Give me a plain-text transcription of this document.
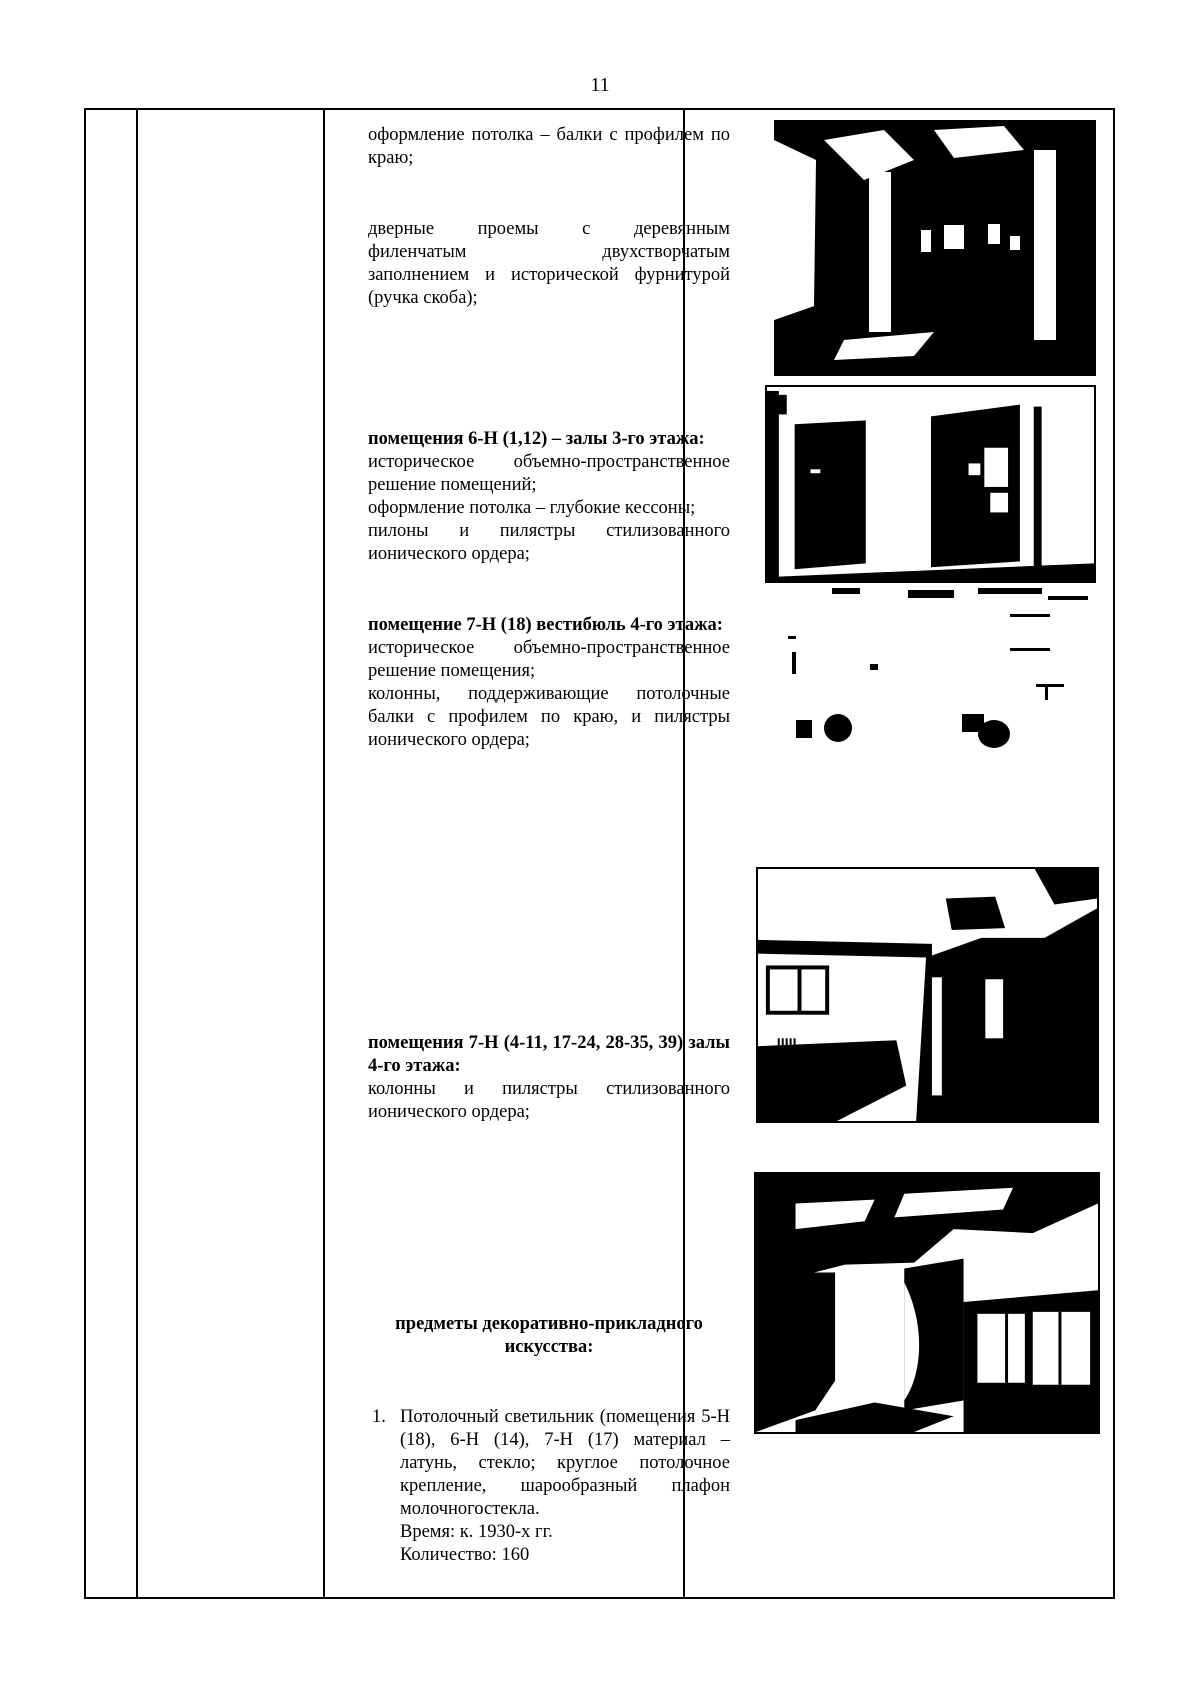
11
оформление потолка – балки с профилем по краю;
дверные проемы с деревянным
филенчатым двухстворчатым
заполнением и исторической фурнитурой (ручка скоба);
помещения 6-Н (1,12) – залы 3-го этажа:
историческое объемно-пространственное решение помещений;
оформление потолка – глубокие кессоны;
пилоны и пилястры стилизованного ионического ордера;
помещение 7-Н (18) вестибюль 4-го этажа:
историческое объемно-пространственное решение помещения;
колонны, поддерживающие потолочные балки с профилем по краю, и пилястры ионического ордера;
помещения 7-Н (4-11, 17-24, 28-35, 39) залы 4-го этажа:
колонны и пилястры стилизованного ионического ордера;
предметы декоративно-прикладного искусства:
1. Потолочный светильник (помещения 5-Н (18), 6-Н (14), 7-Н (17) материал – латунь, стекло; круглое потолочное крепление, шарообразный плафон молочногостекла.
Время: к. 1930-х гг.
Количество: 160
